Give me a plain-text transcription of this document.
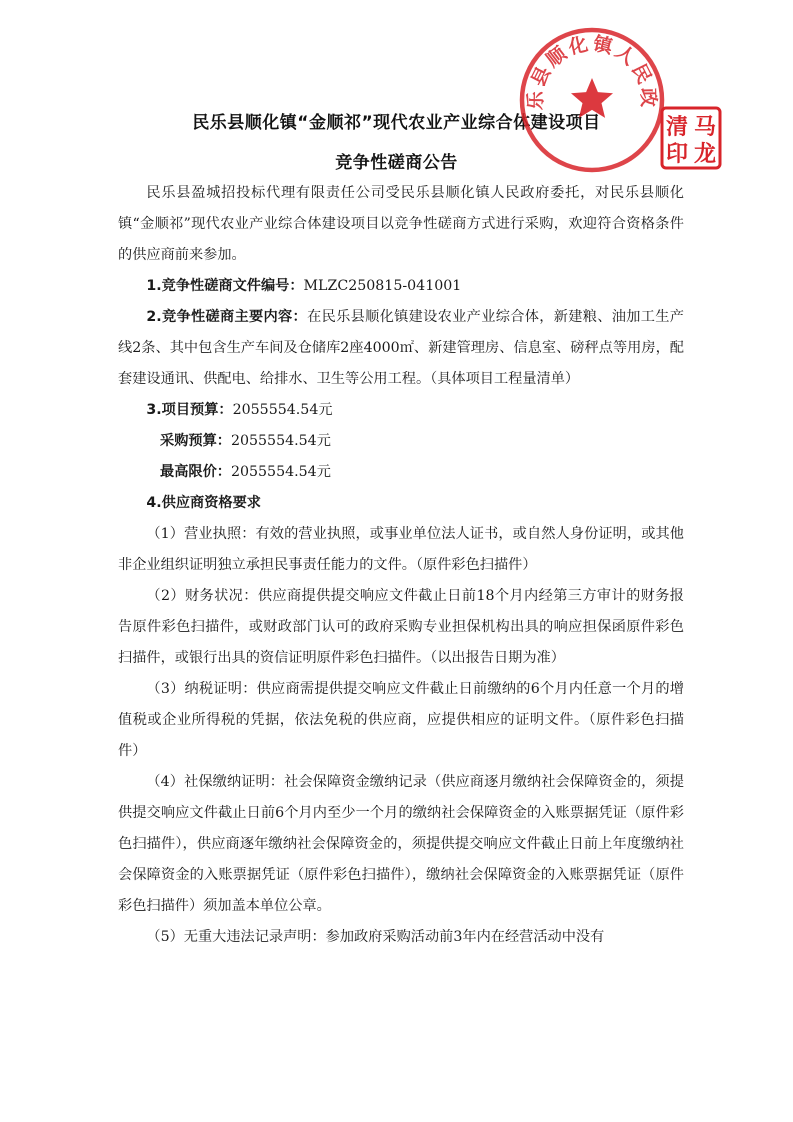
民乐县顺化镇“金顺祁”现代农业产业综合体建设项目
竞争性磋商公告

民乐县盈城招投标代理有限责任公司受民乐县顺化镇人民政府委托，对民乐县顺化镇“金顺祁”现代农业产业综合体建设项目以竞争性磋商方式进行采购，欢迎符合资格条件的供应商前来参加。

1.竞争性磋商文件编号：MLZC250815-041001

2.竞争性磋商主要内容：在民乐县顺化镇建设农业产业综合体，新建粮、油加工生产线2条、其中包含生产车间及仓储库2座4000㎡、新建管理房、信息室、磅秤点等用房，配套建设通讯、供配电、给排水、卫生等公用工程。（具体项目工程量清单）

3.项目预算：2055554.54元

采购预算：2055554.54元

最高限价：2055554.54元

4.供应商资格要求

（1）营业执照：有效的营业执照，或事业单位法人证书，或自然人身份证明，或其他非企业组织证明独立承担民事责任能力的文件。（原件彩色扫描件）

（2）财务状况：供应商提供提交响应文件截止日前18个月内经第三方审计的财务报告原件彩色扫描件，或财政部门认可的政府采购专业担保机构出具的响应担保函原件彩色扫描件，或银行出具的资信证明原件彩色扫描件。（以出报告日期为准）

（3）纳税证明：供应商需提供提交响应文件截止日前缴纳的6个月内任意一个月的增值税或企业所得税的凭据，依法免税的供应商，应提供相应的证明文件。（原件彩色扫描件）

（4）社保缴纳证明：社会保障资金缴纳记录（供应商逐月缴纳社会保障资金的，须提供提交响应文件截止日前6个月内至少一个月的缴纳社会保障资金的入账票据凭证（原件彩色扫描件），供应商逐年缴纳社会保障资金的，须提供提交响应文件截止日前上年度缴纳社会保障资金的入账票据凭证（原件彩色扫描件），缴纳社会保障资金的入账票据凭证（原件彩色扫描件）须加盖本单位公章。

（5）无重大违法记录声明：参加政府采购活动前3年内在经营活动中没有

乐县顺化镇人民政
马
清
印 龙
